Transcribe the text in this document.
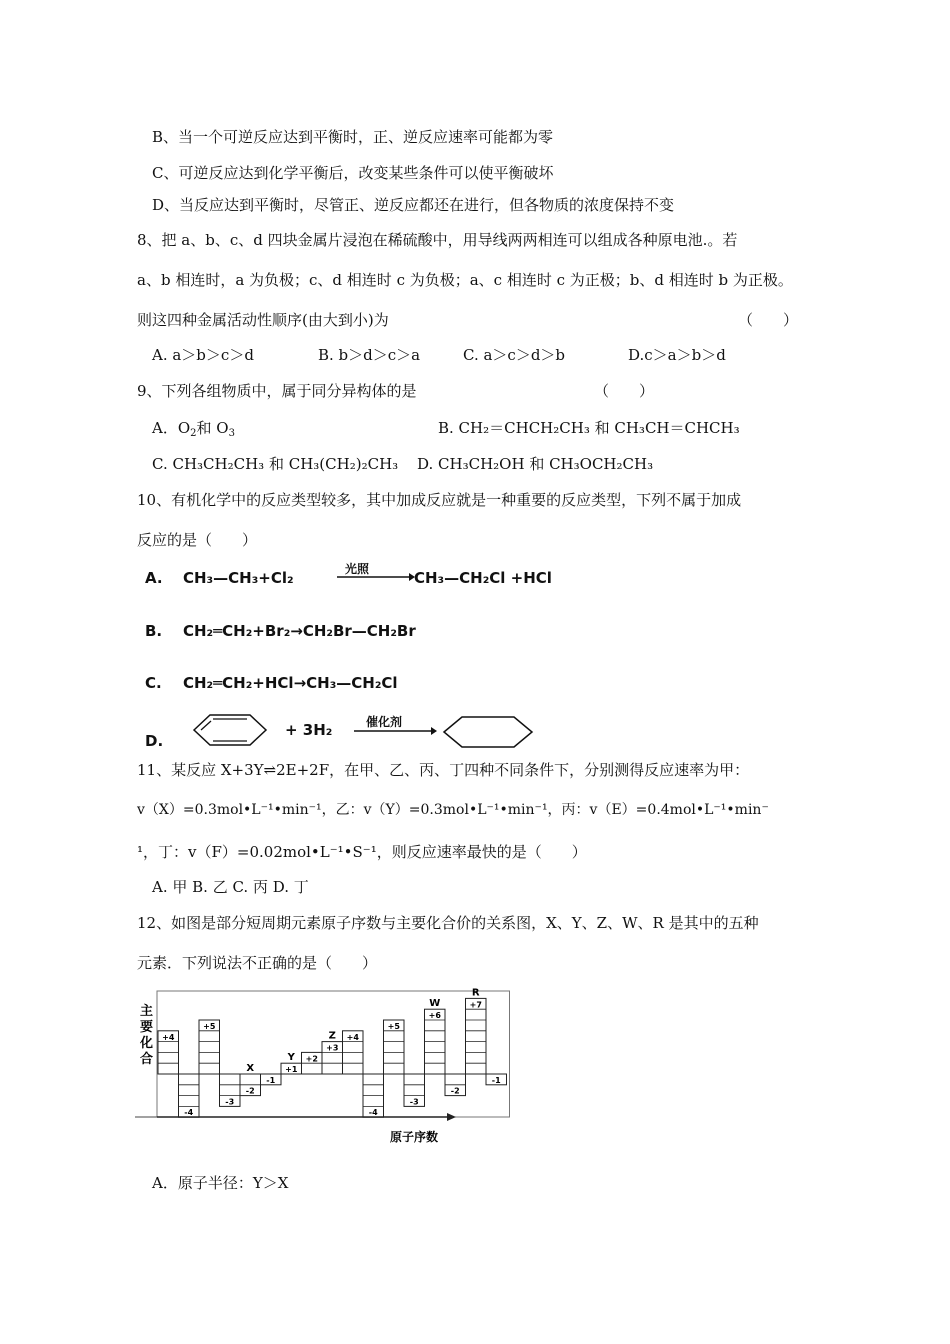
B、当一个可逆反应达到平衡时，正、逆反应速率可能都为零
C、可逆反应达到化学平衡后，改变某些条件可以使平衡破坏
D、当反应达到平衡时，尽管正、逆反应都还在进行，但各物质的浓度保持不变
8、把 a、b、c、d 四块金属片浸泡在稀硫酸中，用导线两两相连可以组成各种原电池.。若
a、b 相连时，a 为负极；c、d 相连时 c 为负极；a、c 相连时 c 为正极；b、d 相连时 b 为正极。
则这四种金属活动性顺序(由大到小)为	（　　）
A. a＞b＞c＞d	B. b＞d＞c＞a	C. a＞c＞d＞b	D.c＞a＞b＞d
9、下列各组物质中，属于同分异构体的是	（　　）
A．$O_2$和 $O_3$	B. CH₂＝CHCH₂CH₃ 和 CH₃CH＝CHCH₃
C. CH₃CH₂CH₃ 和 CH₃(CH₂)₂CH₃ D. CH₃CH₂OH 和 CH₃OCH₂CH₃
10、有机化学中的反应类型较多，其中加成反应就是一种重要的反应类型，下列不属于加成
反应的是（　　）
A. CH₃—CH₃+Cl₂	光照	CH₃—CH₂Cl +HCl
B. CH₂═CH₂+Br₂→CH₂Br—CH₂Br
C. CH₂═CH₂+HCl→CH₃—CH₂Cl
D.
+ 3H₂	催化剂
11、某反应 X+3Y⇌2E+2F，在甲、乙、丙、丁四种不同条件下，分别测得反应速率为甲：
v（X）=0.3mol•L⁻¹•min⁻¹，乙：v（Y）=0.3mol•L⁻¹•min⁻¹，丙：v（E）=0.4mol•L⁻¹•min⁻
¹，丁：v（F）=0.02mol•L⁻¹•S⁻¹，则反应速率最快的是（　　）
A. 甲 B. 乙 C. 丙 D. 丁
12、如图是部分短周期元素原子序数与主要化合价的关系图，X、Y、Z、W、R 是其中的五种
元素．下列说法不正确的是（　　）
+4
-4
+5
-3
-2
-1
+1
+2
+3
+4
-4
+5
-3
+6
-2
+7
-1
X
Y
Z
W
R
主
要
化
合
原子序数
A．原子半径：Y＞X
